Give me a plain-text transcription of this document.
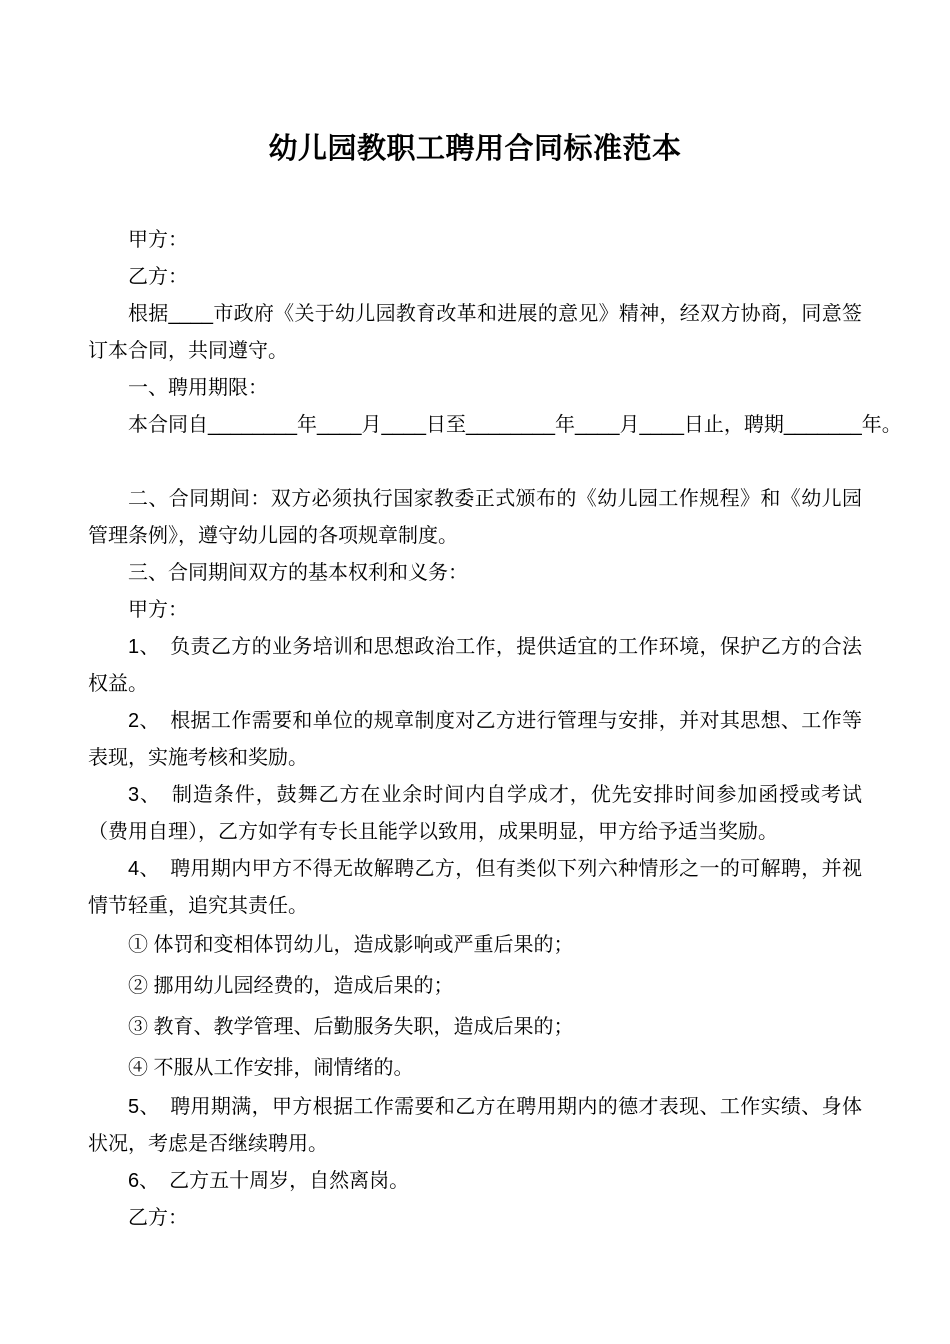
幼儿园教职工聘用合同标准范本

甲方：

乙方：

根据____市政府《关于幼儿园教育改革和进展的意见》精神，经双方协商，同意签订本合同，共同遵守。

一、聘用期限：

本合同自________年____月____日至________年____月____日止，聘期_______年。

二、合同期间：双方必须执行国家教委正式颁布的《幼儿园工作规程》和《幼儿园管理条例》，遵守幼儿园的各项规章制度。

三、合同期间双方的基本权利和义务：

甲方：

1、　负责乙方的业务培训和思想政治工作，提供适宜的工作环境，保护乙方的合法权益。

2、　根据工作需要和单位的规章制度对乙方进行管理与安排，并对其思想、工作等表现，实施考核和奖励。

3、　制造条件，鼓舞乙方在业余时间内自学成才，优先安排时间参加函授或考试（费用自理），乙方如学有专长且能学以致用，成果明显，甲方给予适当奖励。

4、　聘用期内甲方不得无故解聘乙方，但有类似下列六种情形之一的可解聘，并视情节轻重，追究其责任。

① 体罚和变相体罚幼儿，造成影响或严重后果的；

② 挪用幼儿园经费的，造成后果的；

③ 教育、教学管理、后勤服务失职，造成后果的；

④ 不服从工作安排，闹情绪的。

5、　聘用期满，甲方根据工作需要和乙方在聘用期内的德才表现、工作实绩、身体状况，考虑是否继续聘用。

6、　乙方五十周岁，自然离岗。

乙方：
